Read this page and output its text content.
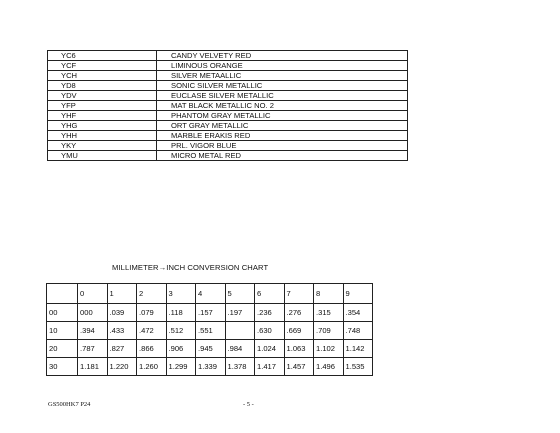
YC6	CANDY VELVETY RED
YCF	LIMINOUS ORANGE
YCH	SILVER METAALLIC
YD8	SONIC SILVER METALLIC
YDV	EUCLASE SILVER METALLIC
YFP	MAT BLACK METALLIC NO. 2
YHF	PHANTOM GRAY METALLIC
YHG	ORT GRAY METALLIC
YHH	MARBLE ERAKIS RED
YKY	PRL. VIGOR BLUE
YMU	MICRO METAL RED
MILLIMETER→INCH CONVERSION CHART
	0	1	2	3	4	5	6	7	8	9
00	000	.039	.079	.118	.157	.197	.236	.276	.315	.354
10	.394	.433	.472	.512	.551		.630	.669	.709	.748
20	.787	.827	.866	.906	.945	.984	1.024	1.063	1.102	1.142
30	1.181	1.220	1.260	1.299	1.339	1.378	1.417	1.457	1.496	1.535
GS500HK7 P24	- 5 -
